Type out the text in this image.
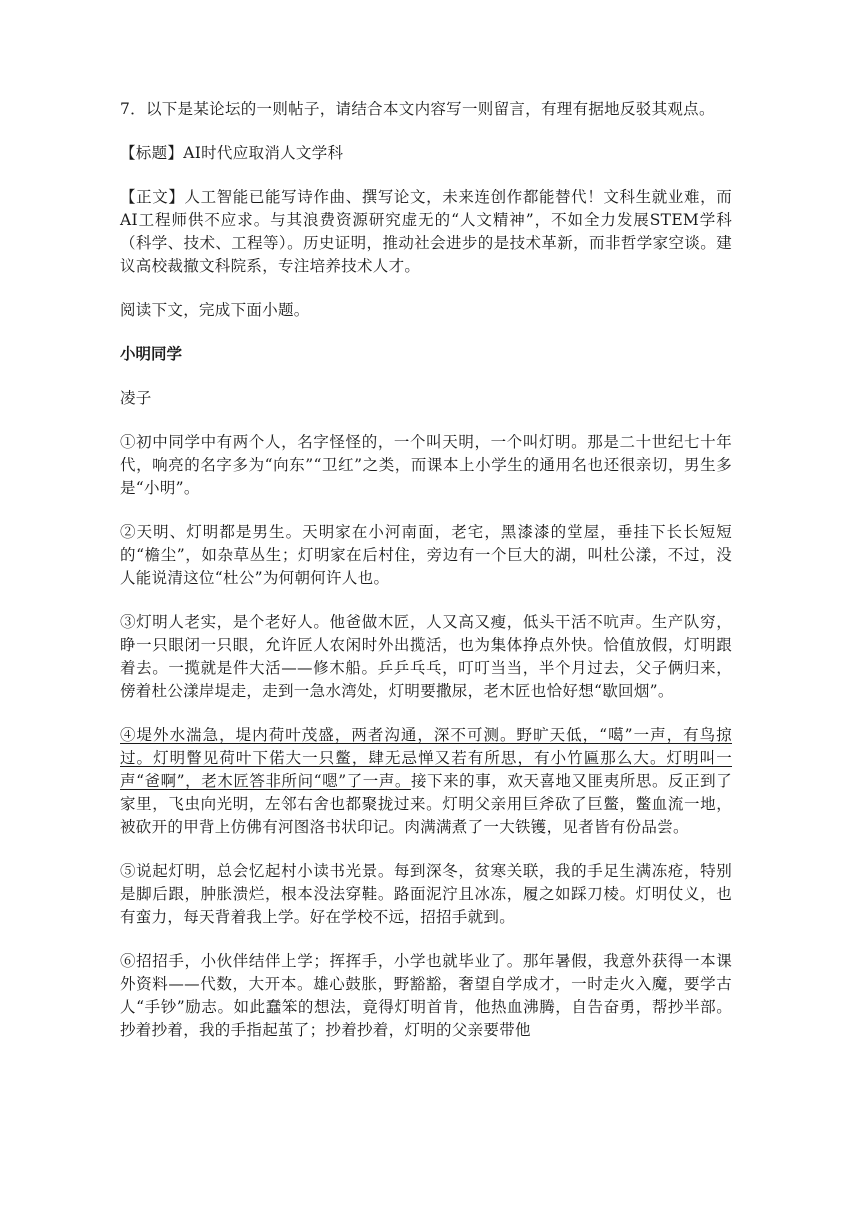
7．以下是某论坛的一则帖子，请结合本文内容写一则留言，有理有据地反驳其观点。

【标题】AI时代应取消人文学科

【正文】人工智能已能写诗作曲、撰写论文，未来连创作都能替代！文科生就业难，而AI工程师供不应求。与其浪费资源研究虚无的“人文精神”，不如全力发展STEM学科（科学、技术、工程等）。历史证明，推动社会进步的是技术革新，而非哲学家空谈。建议高校裁撤文科院系，专注培养技术人才。

阅读下文，完成下面小题。

小明同学

凌子

①初中同学中有两个人，名字怪怪的，一个叫天明，一个叫灯明。那是二十世纪七十年代，响亮的名字多为“向东”“卫红”之类，而课本上小学生的通用名也还很亲切，男生多是“小明”。

②天明、灯明都是男生。天明家在小河南面，老宅，黑漆漆的堂屋，垂挂下长长短短的“檐尘”，如杂草丛生；灯明家在后村住，旁边有一个巨大的湖，叫杜公漾，不过，没人能说清这位“杜公”为何朝何许人也。

③灯明人老实，是个老好人。他爸做木匠，人又高又瘦，低头干活不吭声。生产队穷，睁一只眼闭一只眼，允许匠人农闲时外出揽活，也为集体挣点外快。恰值放假，灯明跟着去。一揽就是件大活——修木船。乒乒乓乓，叮叮当当，半个月过去，父子俩归来，傍着杜公漾岸堤走，走到一急水湾处，灯明要撒尿，老木匠也恰好想“歇回烟”。

④堤外水湍急，堤内荷叶茂盛，两者沟通，深不可测。野旷天低，“噶”一声，有鸟掠过。灯明瞥见荷叶下偌大一只鳖，肆无忌惮又若有所思，有小竹匾那么大。灯明叫一声“爸啊”，老木匠答非所问“嗯”了一声。接下来的事，欢天喜地又匪夷所思。反正到了家里，飞虫向光明，左邻右舍也都聚拢过来。灯明父亲用巨斧砍了巨鳖，鳖血流一地，被砍开的甲背上仿佛有河图洛书状印记。肉满满煮了一大铁镬，见者皆有份品尝。

⑤说起灯明，总会忆起村小读书光景。每到深冬，贫寒关联，我的手足生满冻疮，特别是脚后跟，肿胀溃烂，根本没法穿鞋。路面泥泞且冰冻，履之如踩刀棱。灯明仗义，也有蛮力，每天背着我上学。好在学校不远，招招手就到。

⑥招招手，小伙伴结伴上学；挥挥手，小学也就毕业了。那年暑假，我意外获得一本课外资料——代数，大开本。雄心鼓胀，野豁豁，奢望自学成才，一时走火入魔，要学古人“手钞”励志。如此蠢笨的想法，竟得灯明首肯，他热血沸腾，自告奋勇，帮抄半部。抄着抄着，我的手指起茧了；抄着抄着，灯明的父亲要带他
